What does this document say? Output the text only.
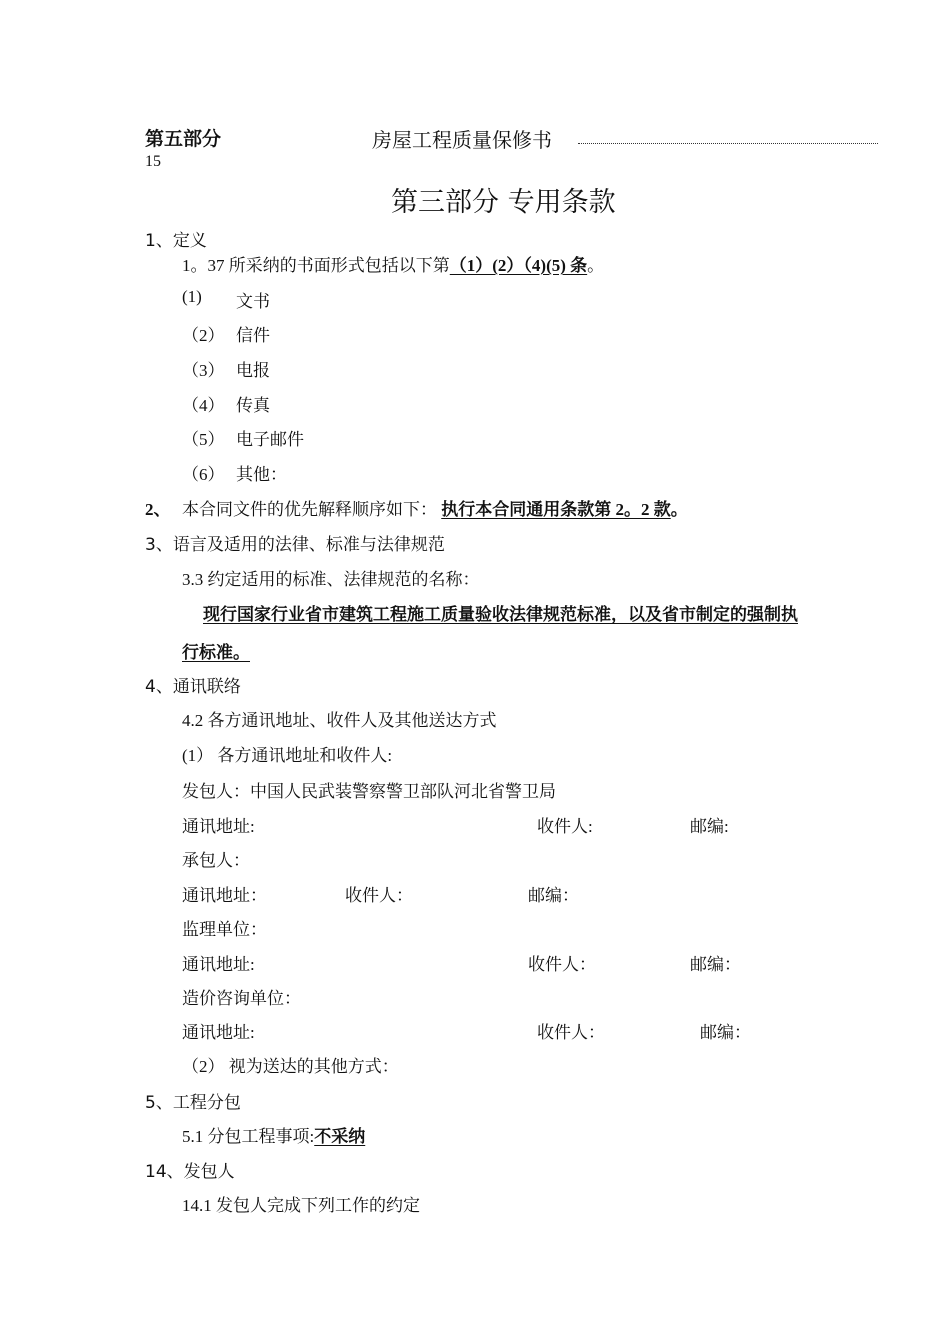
第五部分	房屋工程质量保修书
15
第三部分 专用条款
1、定义
1。37 所采纳的书面形式包括以下第（1）(2）（4)(5) 条。
(1) 文书
（2） 信件
（3） 电报
（4） 传真
（5） 电子邮件
（6） 其他：
2、 本合同文件的优先解释顺序如下： 执行本合同通用条款第 2。2 款。
3、语言及适用的法律、标准与法律规范
3.3 约定适用的标准、法律规范的名称：
现行国家行业省市建筑工程施工质量验收法律规范标准，以及省市制定的强制执
行标准。
4、通讯联络
4.2 各方通讯地址、收件人及其他送达方式
(1） 各方通讯地址和收件人:
发包人：中国人民武装警察警卫部队河北省警卫局
通讯地址:	收件人:	邮编:
承包人：
通讯地址：	收件人：	邮编：
监理单位：
通讯地址:	收件人：	邮编：
造价咨询单位：
通讯地址:	收件人：	邮编：
（2） 视为送达的其他方式：
5、工程分包
5.1 分包工程事项:不采纳
14、发包人
14.1 发包人完成下列工作的约定
